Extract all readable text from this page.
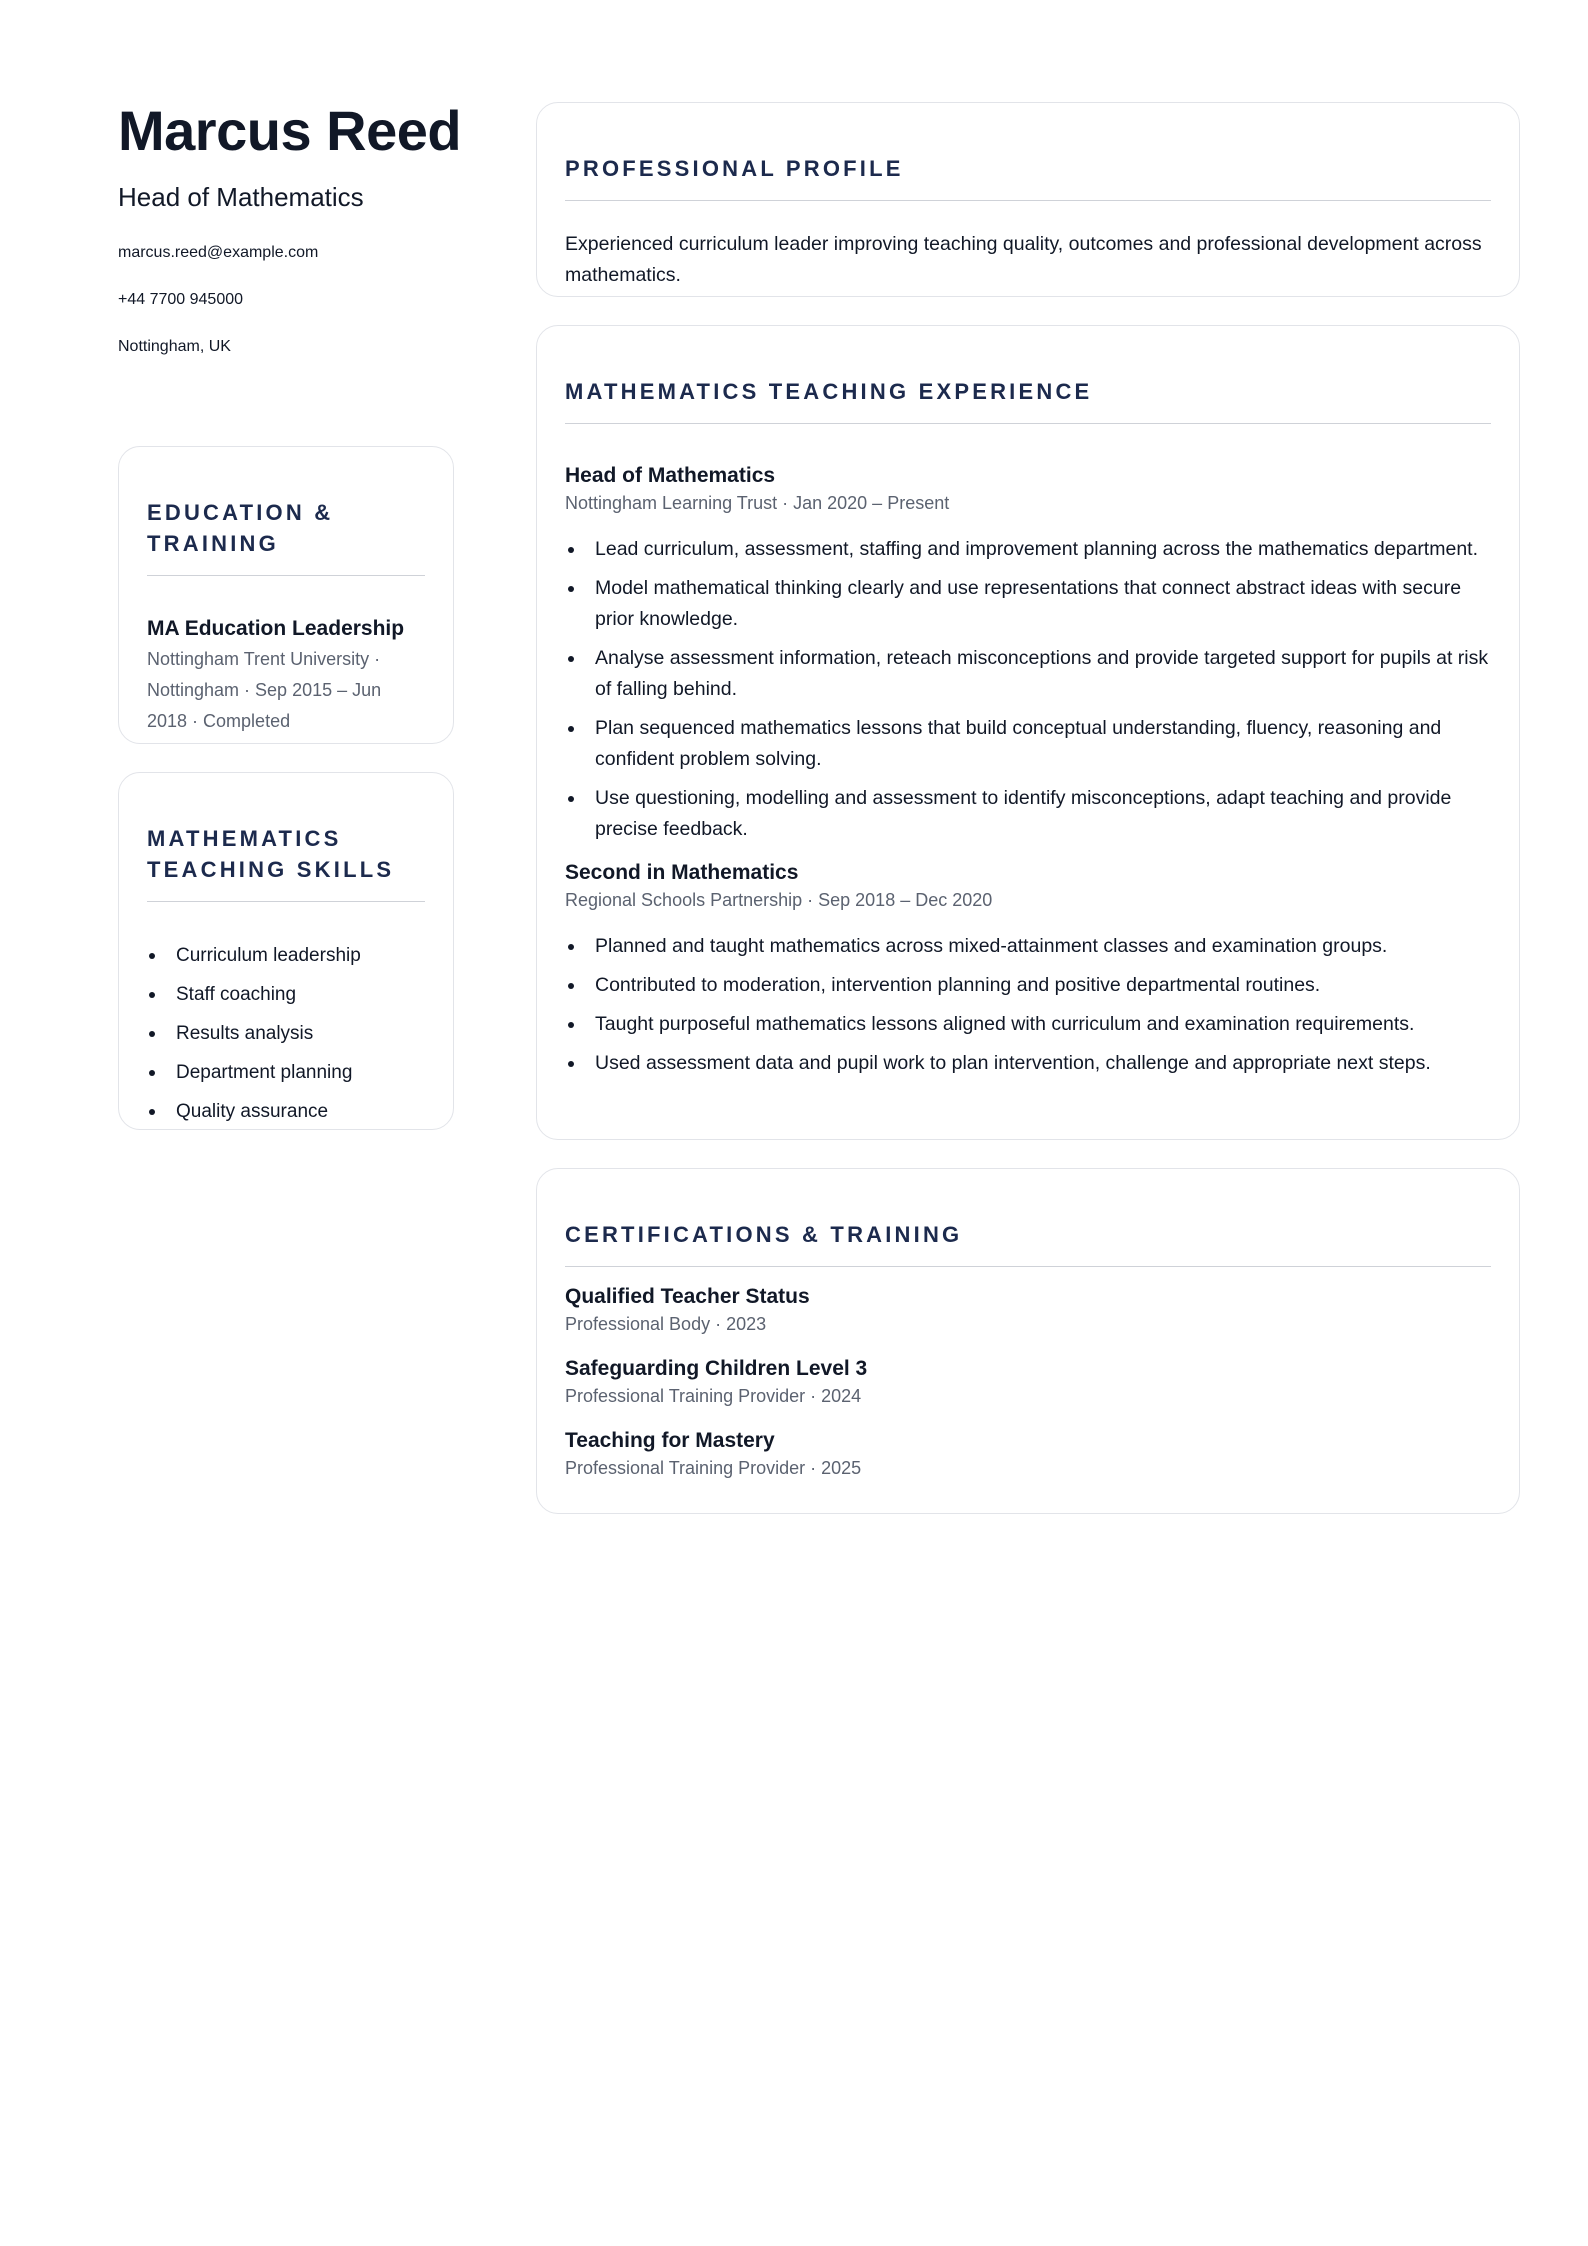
Marcus Reed
Head of Mathematics
marcus.reed@example.com
+44 7700 945000
Nottingham, UK
EDUCATION & TRAINING
MA Education Leadership
Nottingham Trent University · Nottingham · Sep 2015 – Jun 2018 · Completed
MATHEMATICS TEACHING SKILLS
Curriculum leadership
Staff coaching
Results analysis
Department planning
Quality assurance
PROFESSIONAL PROFILE
Experienced curriculum leader improving teaching quality, outcomes and professional development across mathematics.
MATHEMATICS TEACHING EXPERIENCE
Head of Mathematics
Nottingham Learning Trust · Jan 2020 – Present
Lead curriculum, assessment, staffing and improvement planning across the mathematics department.
Model mathematical thinking clearly and use representations that connect abstract ideas with secure prior knowledge.
Analyse assessment information, reteach misconceptions and provide targeted support for pupils at risk of falling behind.
Plan sequenced mathematics lessons that build conceptual understanding, fluency, reasoning and confident problem solving.
Use questioning, modelling and assessment to identify misconceptions, adapt teaching and provide precise feedback.
Second in Mathematics
Regional Schools Partnership · Sep 2018 – Dec 2020
Planned and taught mathematics across mixed-attainment classes and examination groups.
Contributed to moderation, intervention planning and positive departmental routines.
Taught purposeful mathematics lessons aligned with curriculum and examination requirements.
Used assessment data and pupil work to plan intervention, challenge and appropriate next steps.
CERTIFICATIONS & TRAINING
Qualified Teacher Status
Professional Body · 2023
Safeguarding Children Level 3
Professional Training Provider · 2024
Teaching for Mastery
Professional Training Provider · 2025
